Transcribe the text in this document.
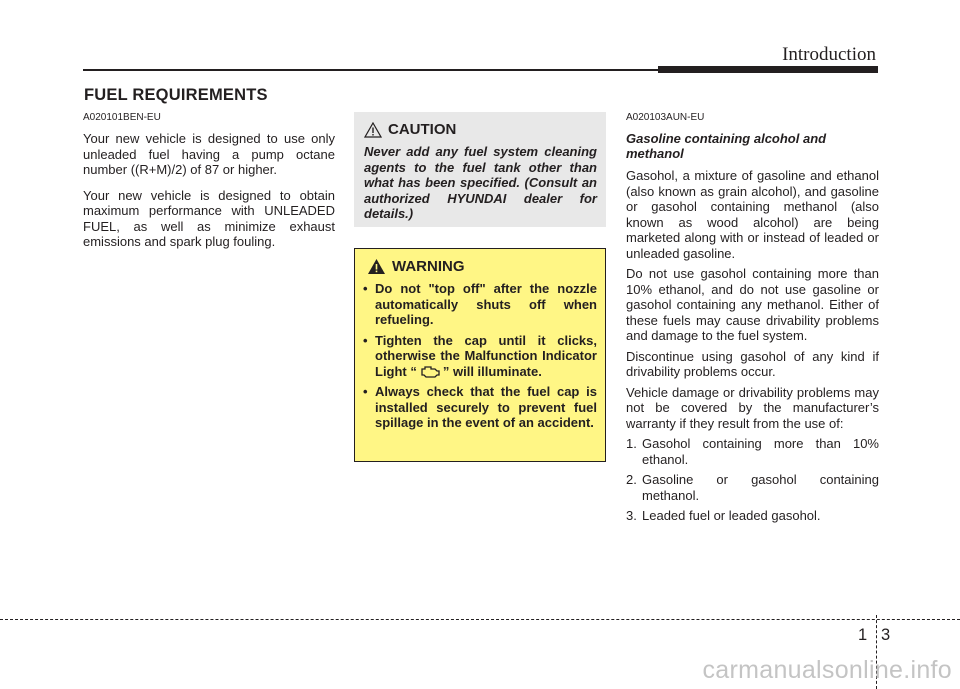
Introduction
FUEL REQUIREMENTS
A020101BEN-EU

Your new vehicle is designed to use only unleaded fuel having a pump octane number ((R+M)/2) of 87 or higher.

Your new vehicle is designed to obtain maximum performance with UNLEADED FUEL, as well as minimize exhaust emissions and spark plug fouling.

CAUTION

Never add any fuel system cleaning agents to the fuel tank other than what has been specified. (Consult an authorized HYUNDAI dealer for details.)

WARNING
• Do not "top off" after the nozzle automatically shuts off when refueling.
• Tighten the cap until it clicks, otherwise the Malfunction Indicator Light “ ” will illuminate.
• Always check that the fuel cap is installed securely to prevent fuel spillage in the event of an accident.
A020103AUN-EU
Gasoline containing alcohol and methanol

Gasohol, a mixture of gasoline and ethanol (also known as grain alcohol), and gasoline or gasohol containing methanol (also known as wood alcohol) are being marketed along with or instead of leaded or unleaded gasoline.

Do not use gasohol containing more than 10% ethanol, and do not use gasoline or gasohol containing any methanol. Either of these fuels may cause drivability problems and damage to the fuel system.

Discontinue using gasohol of any kind if drivability problems occur.

Vehicle damage or drivability problems may not be covered by the manufacturer’s warranty if they result from the use of:

1. Gasohol containing more than 10% ethanol.
2. Gasoline or gasohol containing methanol.
3. Leaded fuel or leaded gasohol.
1 3
carmanualsonline.info
